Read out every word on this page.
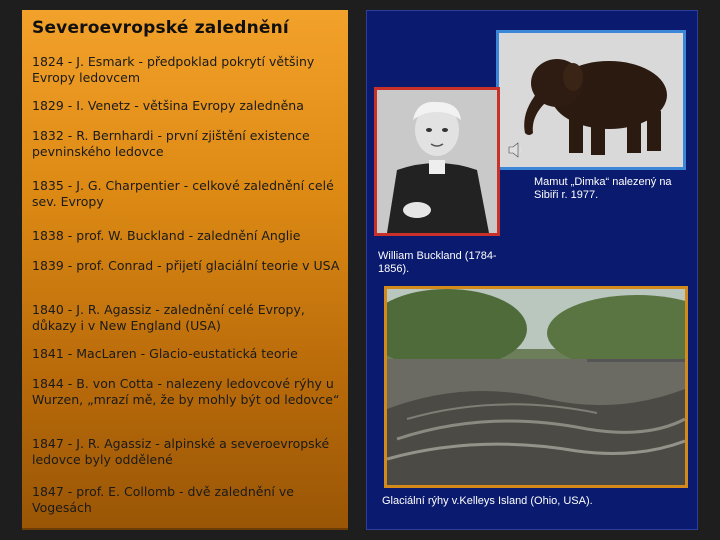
Severoevropské zalednění
1824 - J. Esmark - předpoklad pokrytí většiny Evropy ledovcem
1829 - I. Venetz - většina Evropy zaledněna
1832 - R. Bernhardi - první zjištění existence pevninského ledovce
1835 - J. G. Charpentier - celkové zalednění celé sev. Evropy
1838 - prof. W. Buckland - zalednění Anglie
1839 - prof. Conrad - přijetí glaciální teorie v USA
1840 - J. R. Agassiz - zalednění celé Evropy, důkazy i v New England (USA)
1841 - MacLaren - Glacio-eustatická teorie
1844 - B. von Cotta - nalezeny ledovcové rýhy u Wurzen, „mrazí mě, že by mohly být od ledovce“
1847 - J. R. Agassiz - alpinské a severoevropské ledovce byly oddělené
1847 - prof. E. Collomb - dvě zalednění ve Vogesách
Mamut „Dimka“ nalezený na Sibiři r. 1977.
William Buckland (1784-1856).
Glaciální rýhy v.Kelleys Island (Ohio, USA).
